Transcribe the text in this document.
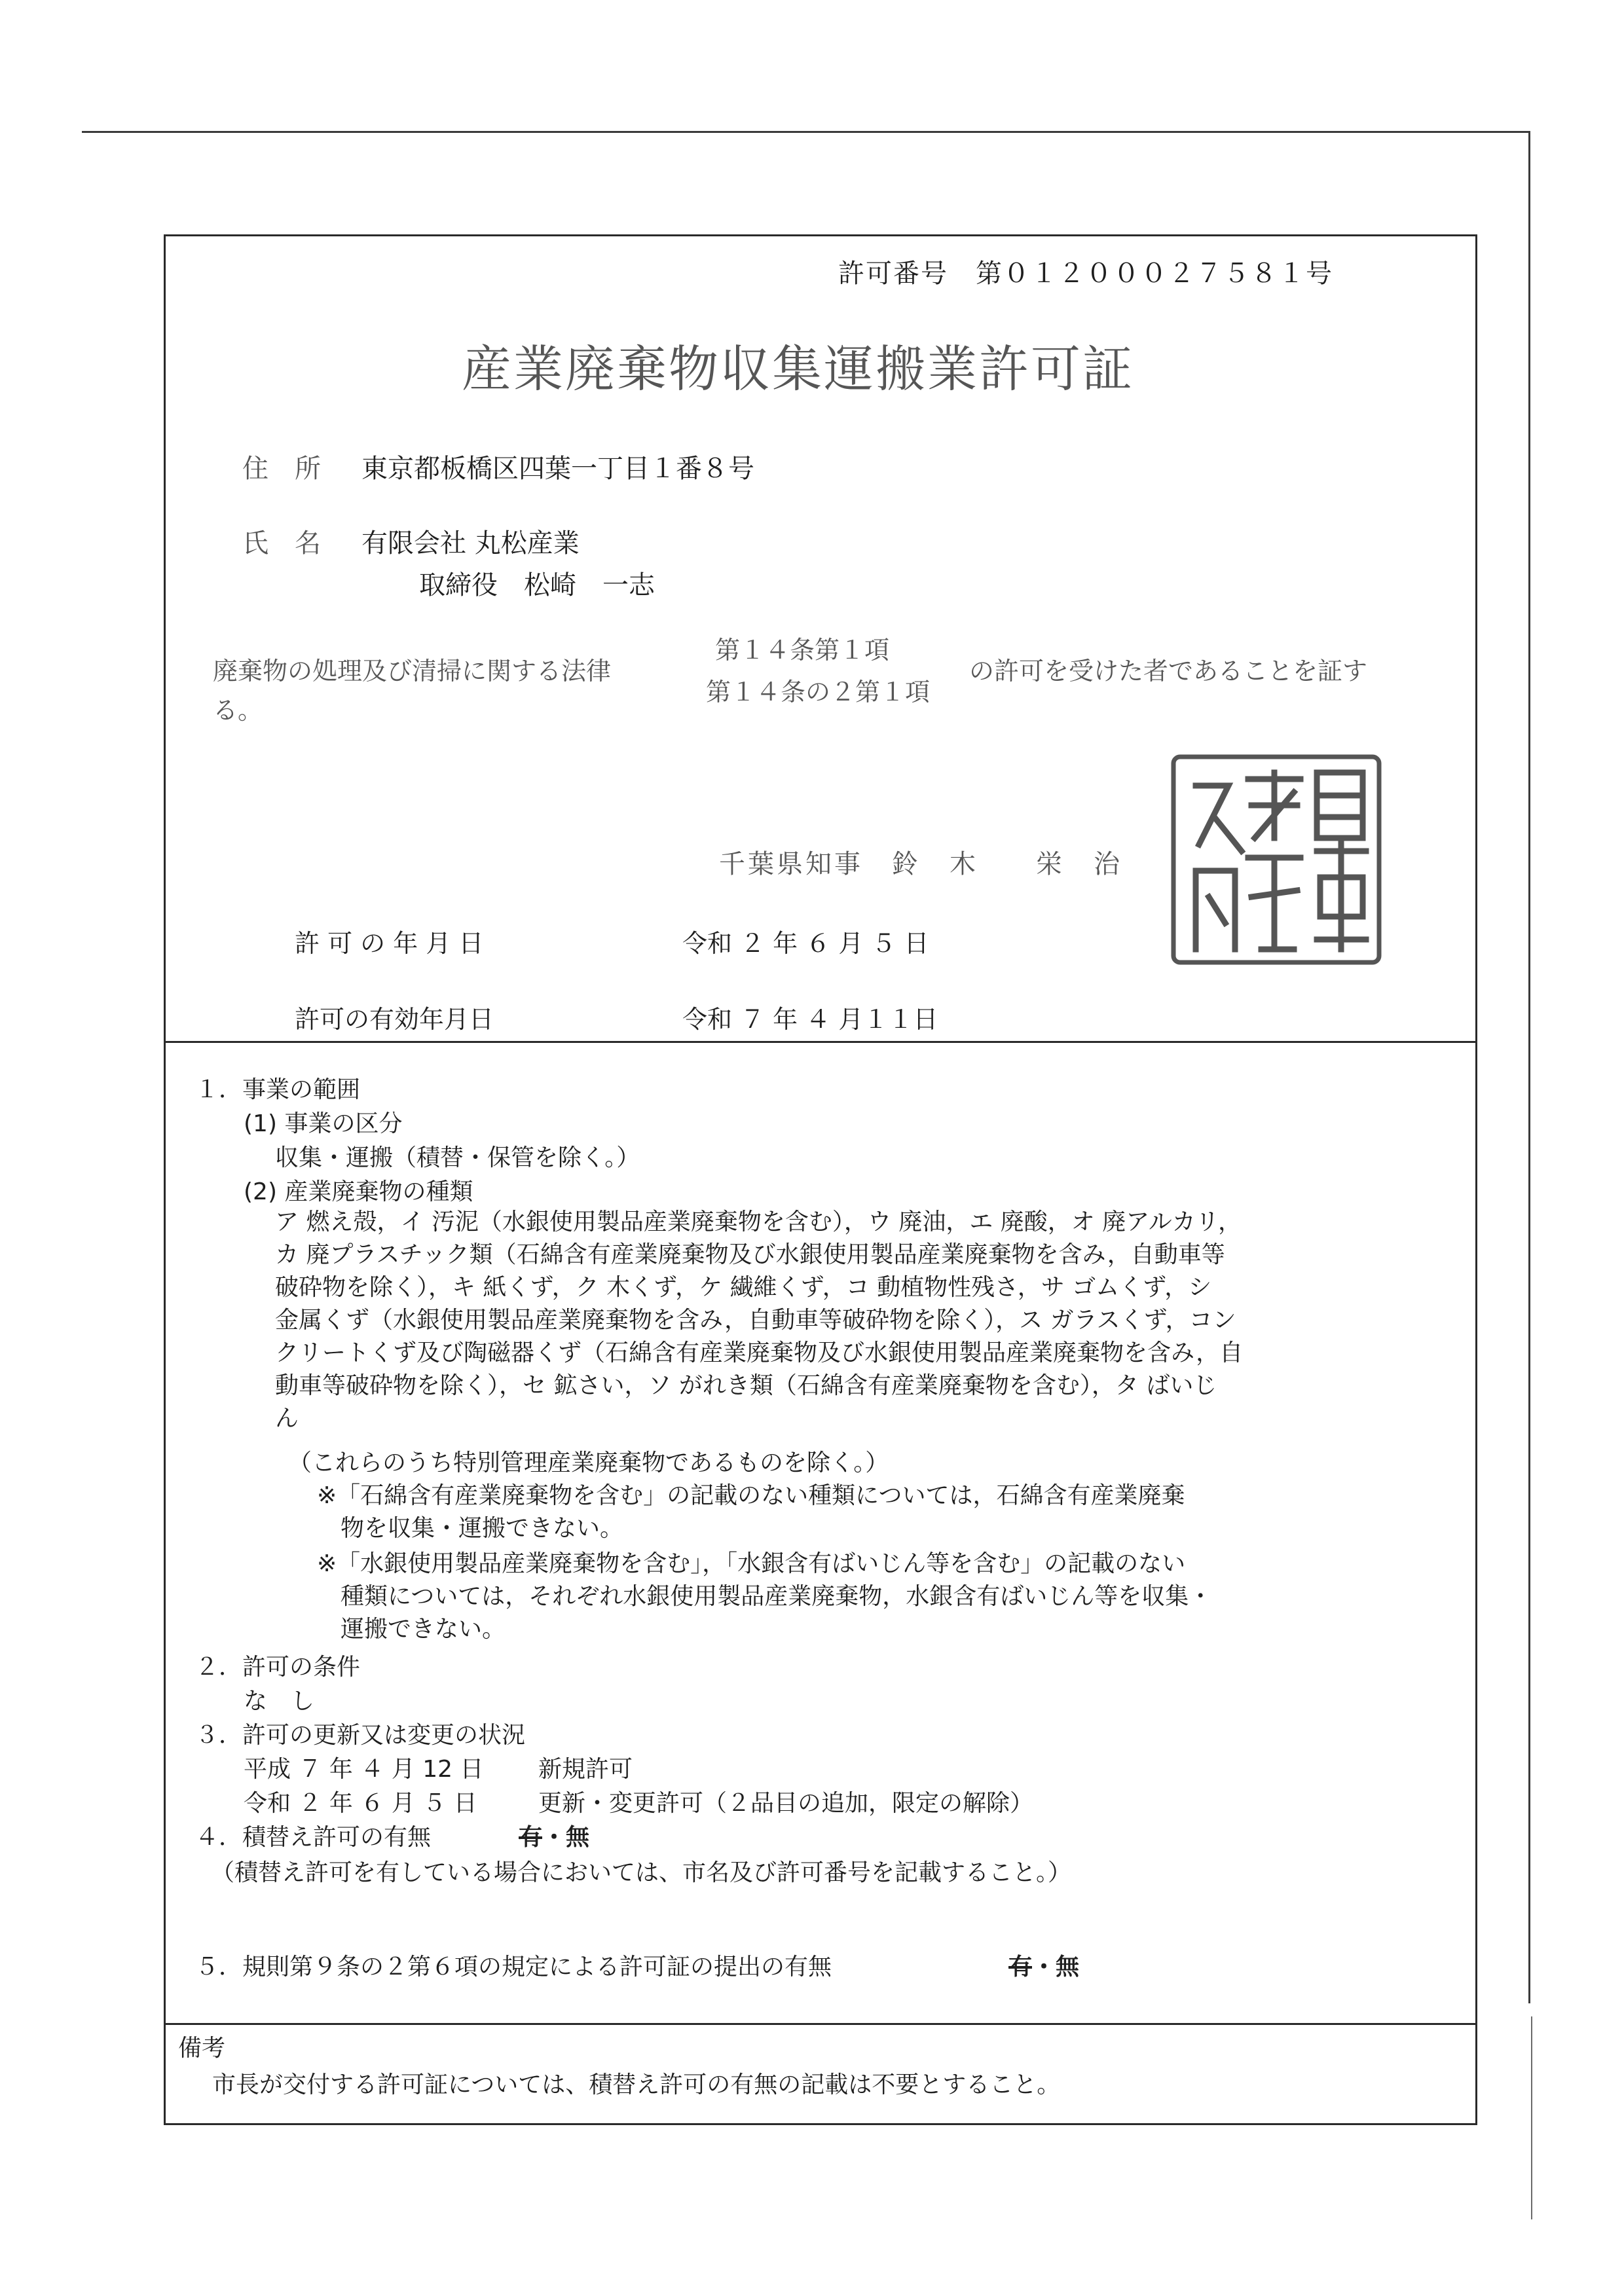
許可番号　第０１２０００２７５８１号
産業廃棄物収集運搬業許可証
住　所 東京都板橋区四葉一丁目１番８号
氏　名 有限会社 丸松産業
取締役　松崎　一志
廃棄物の処理及び清掃に関する法律
第１４条第１項
第１４条の２第１項
の許可を受けた者であることを証す
る。
千葉県知事　鈴　木　　栄　治
許 可 の 年 月 日	令和 ２ 年 ６ 月 ５ 日
許可の有効年月日	令和 ７ 年 ４ 月１１日
１．事業の範囲
(1) 事業の区分
収集・運搬（積替・保管を除く。）
(2) 産業廃棄物の種類
ア 燃え殻，イ 汚泥（水銀使用製品産業廃棄物を含む），ウ 廃油，エ 廃酸，オ 廃アルカリ，
カ 廃プラスチック類（石綿含有産業廃棄物及び水銀使用製品産業廃棄物を含み，自動車等
破砕物を除く），キ 紙くず，ク 木くず，ケ 繊維くず，コ 動植物性残さ，サ ゴムくず，シ
金属くず（水銀使用製品産業廃棄物を含み，自動車等破砕物を除く），ス ガラスくず，コン
クリートくず及び陶磁器くず（石綿含有産業廃棄物及び水銀使用製品産業廃棄物を含み，自
動車等破砕物を除く），セ 鉱さい，ソ がれき類（石綿含有産業廃棄物を含む），タ ばいじ
ん
（これらのうち特別管理産業廃棄物であるものを除く。）
※「石綿含有産業廃棄物を含む」の記載のない種類については，石綿含有産業廃棄
物を収集・運搬できない。
※「水銀使用製品産業廃棄物を含む」，「水銀含有ばいじん等を含む」の記載のない
種類については，それぞれ水銀使用製品産業廃棄物，水銀含有ばいじん等を収集・
運搬できない。
２．許可の条件
な　し
３．許可の更新又は変更の状況
平成 ７ 年 ４ 月 12 日 新規許可
令和 ２ 年 ６ 月 ５ 日	更新・変更許可（２品目の追加，限定の解除）
４．積替え許可の有無	有・無
（積替え許可を有している場合においては、市名及び許可番号を記載すること。）
５．規則第９条の２第６項の規定による許可証の提出の有無	有・無
備考
市長が交付する許可証については、積替え許可の有無の記載は不要とすること。
